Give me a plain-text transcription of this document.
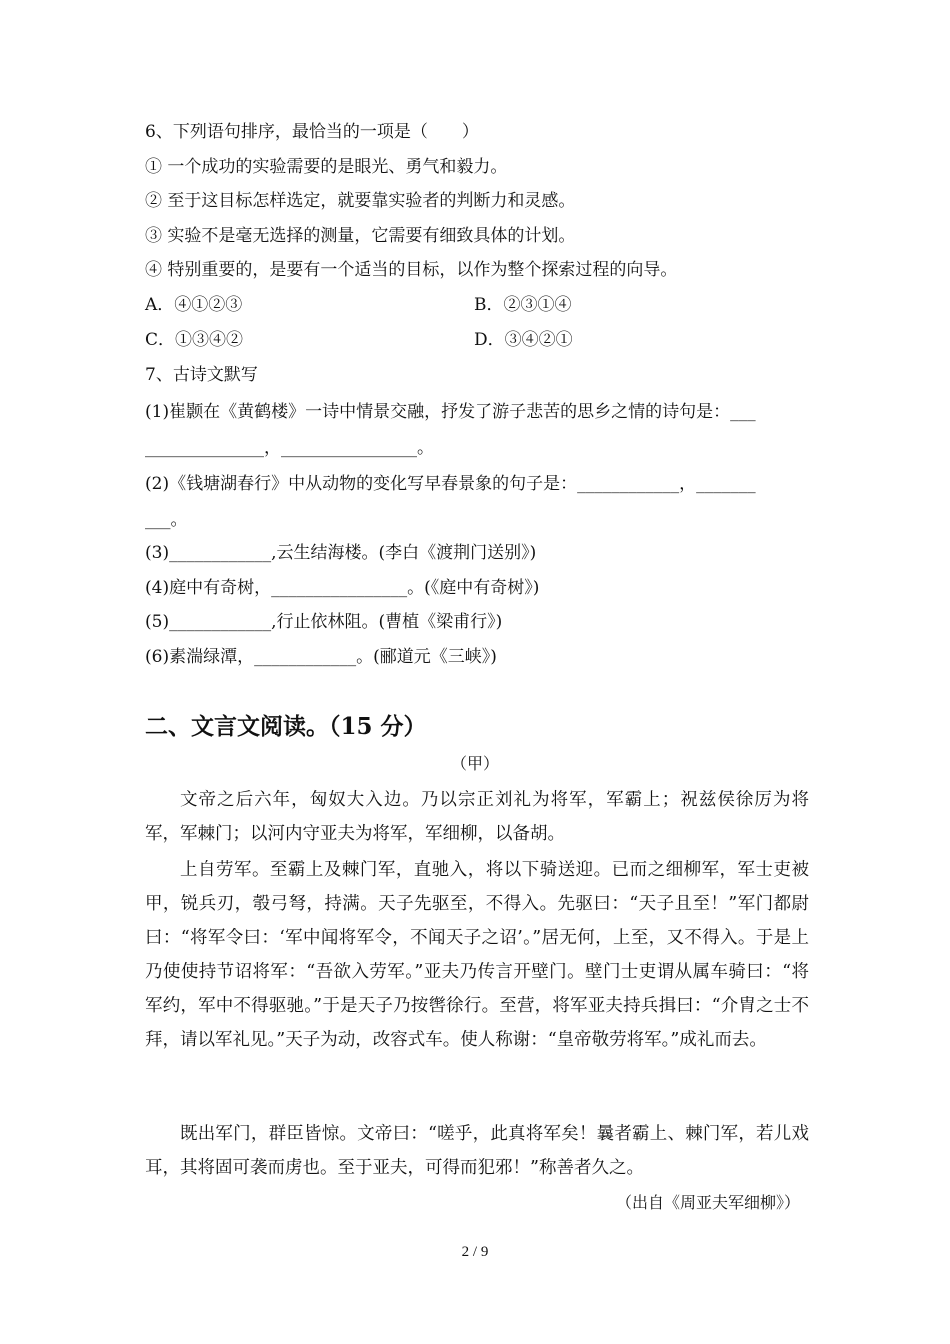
6、下列语句排序，最恰当的一项是（　　）
① 一个成功的实验需要的是眼光、勇气和毅力。
② 至于这目标怎样选定，就要靠实验者的判断力和灵感。
③ 实验不是毫无选择的测量，它需要有细致具体的计划。
④ 特别重要的，是要有一个适当的目标，以作为整个探索过程的向导。
A．④①②③	B．②③①④
C．①③④②	D．③④②①
7、古诗文默写
(1)崔颢在《黄鹤楼》一诗中情景交融，抒发了游子悲苦的思乡之情的诗句是：___
______________，________________。
(2)《钱塘湖春行》中从动物的变化写早春景象的句子是：____________，_______
___。
(3)____________,云生结海楼。(李白《渡荆门送别》)
(4)庭中有奇树，________________。(《庭中有奇树》)
(5)____________,行止依林阻。(曹植《梁甫行》)
(6)素湍绿潭，____________。(郦道元《三峡》)
二、文言文阅读。（15 分）
（甲）
文帝之后六年，匈奴大入边。乃以宗正刘礼为将军，军霸上；祝兹侯徐厉为将军，军棘门；以河内守亚夫为将军，军细柳，以备胡。
上自劳军。至霸上及棘门军，直驰入，将以下骑送迎。已而之细柳军，军士吏被甲，锐兵刃，彀弓弩，持满。天子先驱至，不得入。先驱曰：“天子且至！”军门都尉曰：“将军令曰：‘军中闻将军令，不闻天子之诏’。”居无何，上至，又不得入。于是上乃使使持节诏将军：“吾欲入劳军。”亚夫乃传言开壁门。壁门士吏谓从属车骑曰：“将军约，军中不得驱驰。”于是天子乃按辔徐行。至营，将军亚夫持兵揖曰：“介胄之士不拜，请以军礼见。”天子为动，改容式车。使人称谢：“皇帝敬劳将军。”成礼而去。
既出军门，群臣皆惊。文帝曰：“嗟乎，此真将军矣！曩者霸上、棘门军，若儿戏耳，其将固可袭而虏也。至于亚夫，可得而犯邪！”称善者久之。
（出自《周亚夫军细柳》）
2 / 9
